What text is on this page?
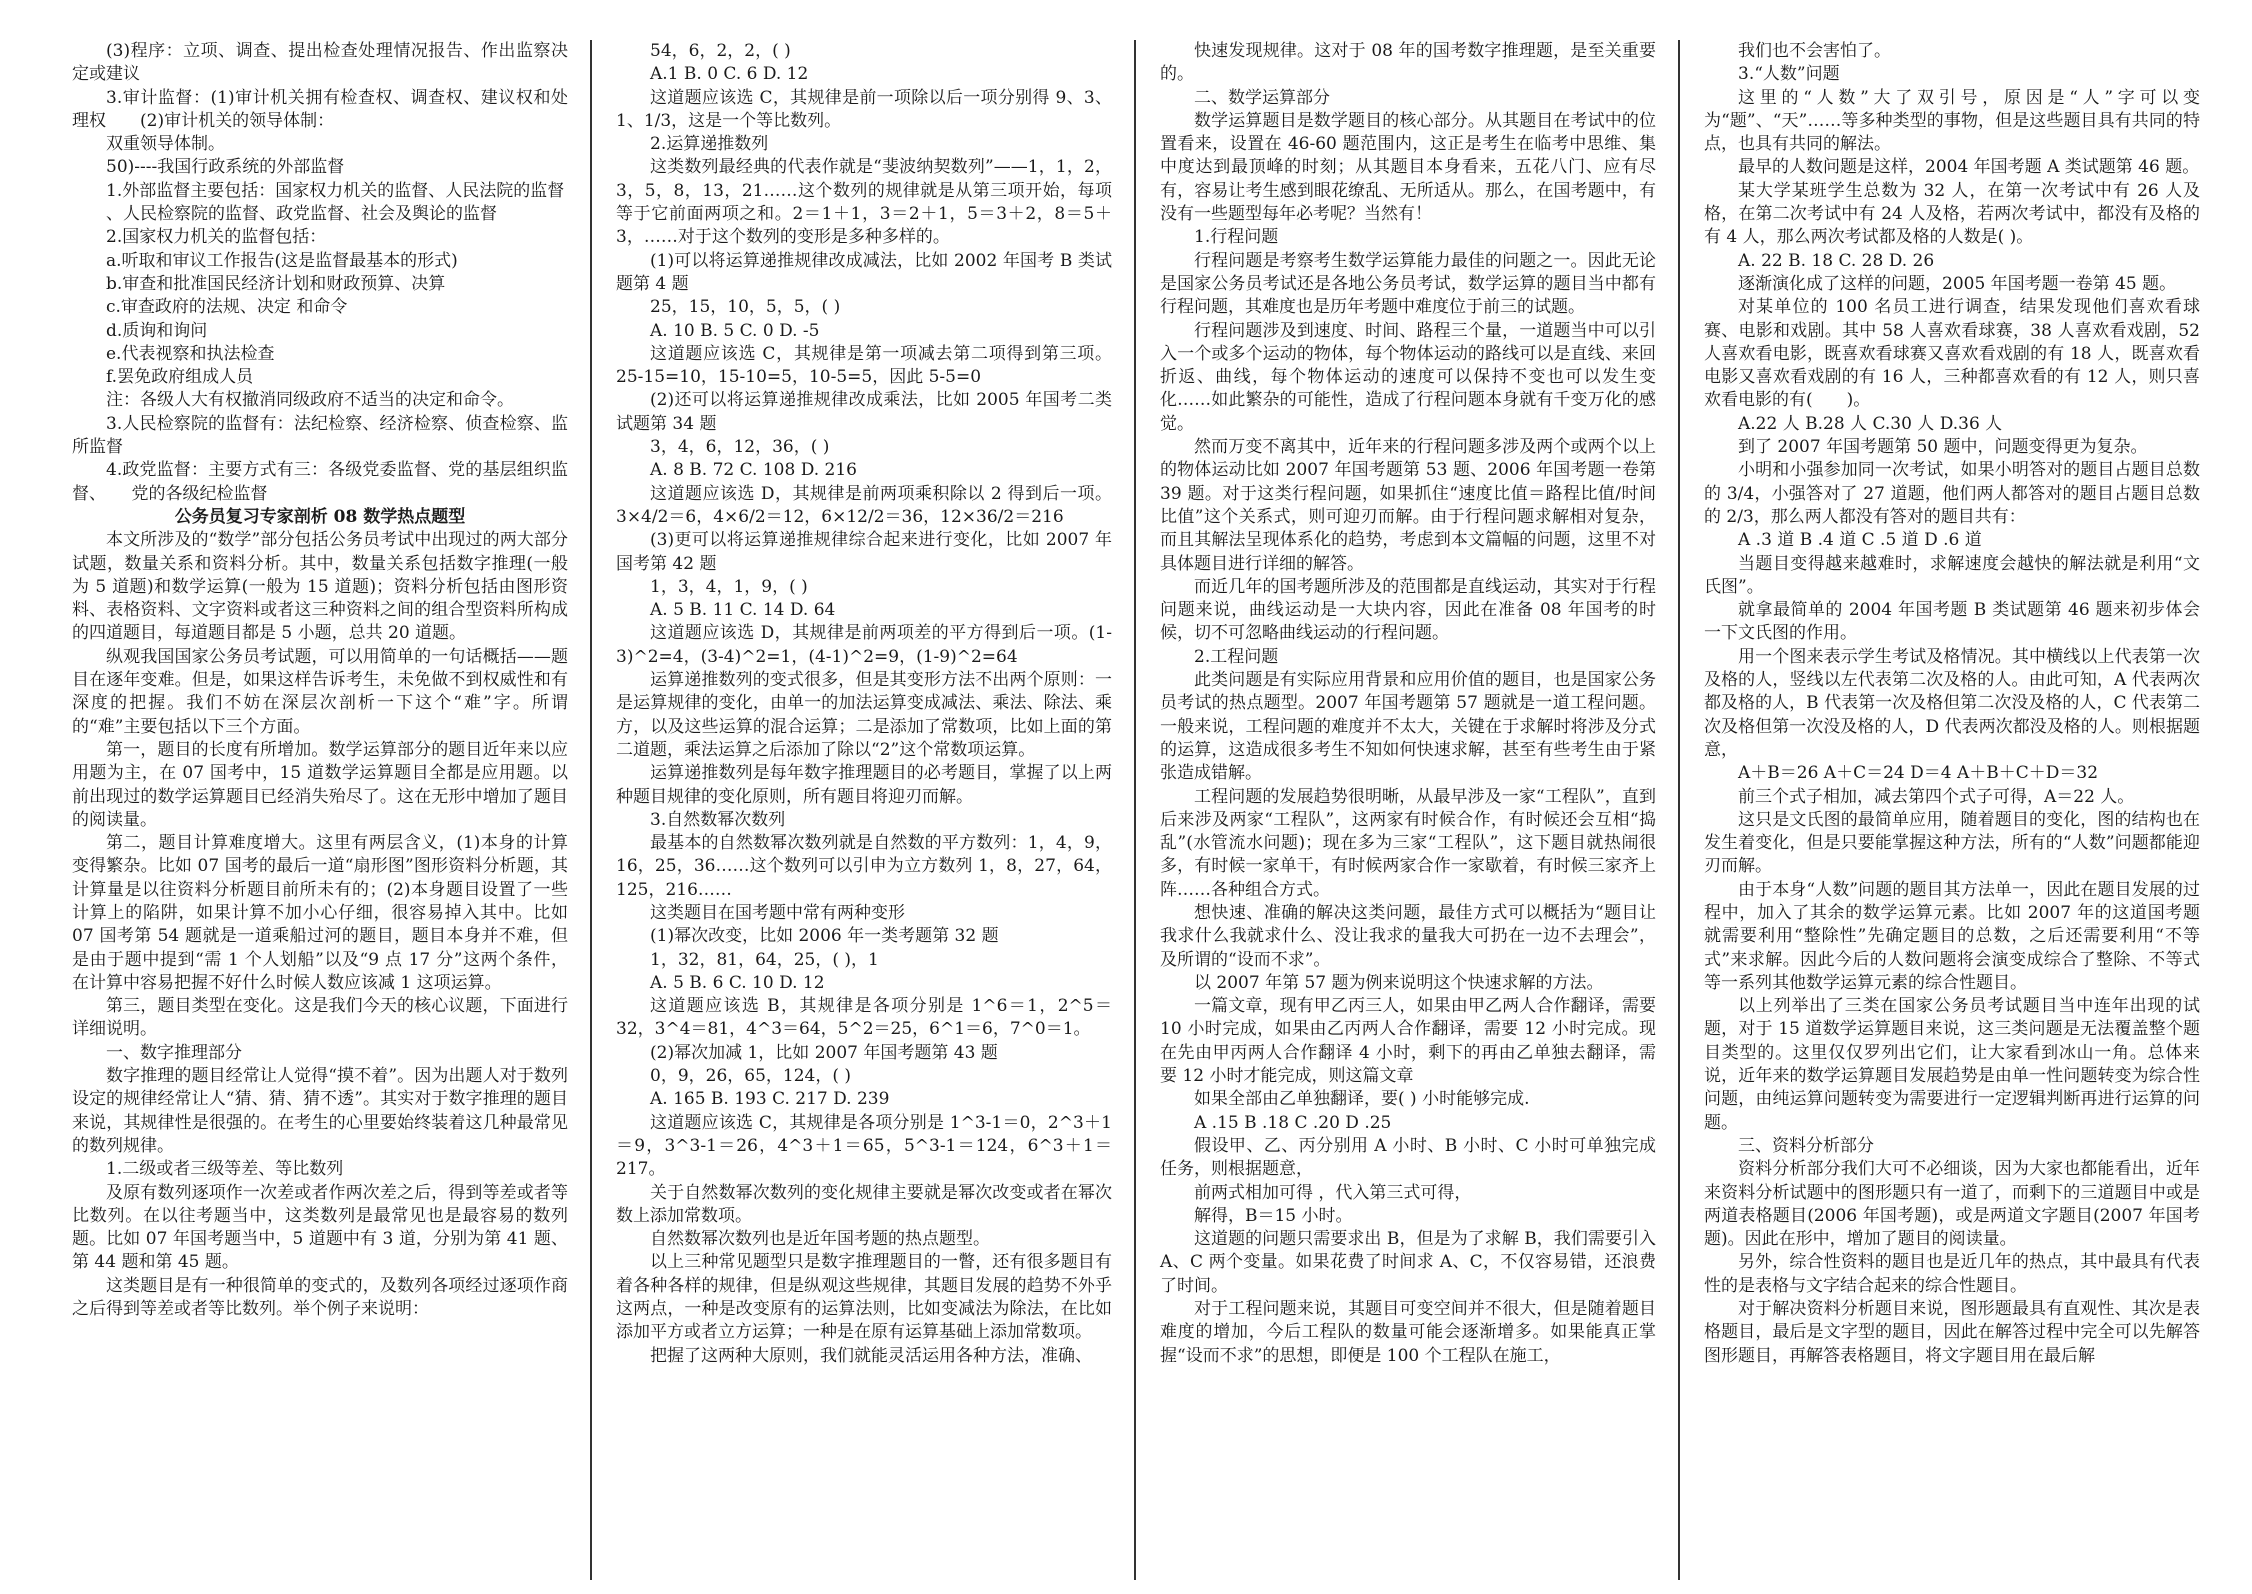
(3)程序：立项、调查、提出检查处理情况报告、作出监察决定或建议

3.审计监督：(1)审计机关拥有检查权、调查权、建议权和处理权　　(2)审计机关的领导体制：

双重领导体制。

50)----我国行政系统的外部监督

1.外部监督主要包括：国家权力机关的监督、人民法院的监督

、人民检察院的监督、政党监督、社会及舆论的监督

2.国家权力机关的监督包括：

a.听取和审议工作报告(这是监督最基本的形式)

b.审查和批准国民经济计划和财政预算、决算

c.审查政府的法规、决定 和命令

d.质询和询问

e.代表视察和执法检查

f.罢免政府组成人员

注：各级人大有权撤消同级政府不适当的决定和命令。

3.人民检察院的监督有：法纪检察、经济检察、侦查检察、监所监督

4.政党监督：主要方式有三：各级党委监督、党的基层组织监督、　　党的各级纪检监督

公务员复习专家剖析 08 数学热点题型

本文所涉及的“数学”部分包括公务员考试中出现过的两大部分试题，数量关系和资料分析。其中，数量关系包括数字推理(一般为 5 道题)和数学运算(一般为 15 道题)；资料分析包括由图形资料、表格资料、文字资料或者这三种资料之间的组合型资料所构成的四道题目，每道题目都是 5 小题，总共 20 道题。

纵观我国国家公务员考试题，可以用简单的一句话概括——题目在逐年变难。但是，如果这样告诉考生，未免做不到权威性和有深度的把握。我们不妨在深层次剖析一下这个“难”字。所谓的“难”主要包括以下三个方面。

第一，题目的长度有所增加。数学运算部分的题目近年来以应用题为主，在 07 国考中，15 道数学运算题目全都是应用题。以前出现过的数学运算题目已经消失殆尽了。这在无形中增加了题目的阅读量。

第二，题目计算难度增大。这里有两层含义，(1)本身的计算变得繁杂。比如 07 国考的最后一道“扇形图”图形资料分析题，其计算量是以往资料分析题目前所未有的；(2)本身题目设置了一些计算上的陷阱，如果计算不加小心仔细，很容易掉入其中。比如 07 国考第 54 题就是一道乘船过河的题目，题目本身并不难，但是由于题中提到“需 1 个人划船”以及“9 点 17 分”这两个条件，在计算中容易把握不好什么时候人数应该减 1 这项运算。

第三，题目类型在变化。这是我们今天的核心议题，下面进行详细说明。

一、数字推理部分

数字推理的题目经常让人觉得“摸不着”。因为出题人对于数列设定的规律经常让人“猜、猜、猜不透”。其实对于数字推理的题目来说，其规律性是很强的。在考生的心里要始终装着这几种最常见的数列规律。

1.二级或者三级等差、等比数列

及原有数列逐项作一次差或者作两次差之后，得到等差或者等比数列。在以往考题当中，这类数列是最常见也是最容易的数列题。比如 07 年国考题当中，5 道题中有 3 道，分别为第 41 题、第 44 题和第 45 题。

这类题目是有一种很简单的变式的，及数列各项经过逐项作商之后得到等差或者等比数列。举个例子来说明：

54，6，2，2，( )

A.1 B. 0 C. 6 D. 12

这道题应该选 C，其规律是前一项除以后一项分别得 9、3、1、1/3，这是一个等比数列。

2.运算递推数列

这类数列最经典的代表作就是“斐波纳契数列”——1，1，2，3，5，8，13，21……这个数列的规律就是从第三项开始，每项等于它前面两项之和。2＝1＋1，3＝2＋1，5＝3＋2，8＝5＋3，……对于这个数列的变形是多种多样的。

(1)可以将运算递推规律改成减法，比如 2002 年国考 B 类试题第 4 题

25，15，10，5，5，( )

A. 10 B. 5 C. 0 D. -5

这道题应该选 C，其规律是第一项减去第二项得到第三项。25-15=10，15-10=5，10-5=5，因此 5-5=0

(2)还可以将运算递推规律改成乘法，比如 2005 年国考二类试题第 34 题

3，4，6，12，36，( )

A. 8 B. 72 C. 108 D. 216

这道题应该选 D，其规律是前两项乘积除以 2 得到后一项。3×4/2＝6，4×6/2＝12，6×12/2＝36，12×36/2＝216

(3)更可以将运算递推规律综合起来进行变化，比如 2007 年国考第 42 题

1，3，4，1，9，( )

A. 5 B. 11 C. 14 D. 64

这道题应该选 D，其规律是前两项差的平方得到后一项。(1-3)^2=4，(3-4)^2=1，(4-1)^2=9，(1-9)^2=64

运算递推数列的变式很多，但是其变形方法不出两个原则：一是运算规律的变化，由单一的加法运算变成减法、乘法、除法、乘方，以及这些运算的混合运算；二是添加了常数项，比如上面的第二道题，乘法运算之后添加了除以“2”这个常数项运算。

运算递推数列是每年数字推理题目的必考题目，掌握了以上两种题目规律的变化原则，所有题目将迎刃而解。

3.自然数幂次数列

最基本的自然数幂次数列就是自然数的平方数列：1，4，9，16，25，36……这个数列可以引申为立方数列 1，8，27，64，125，216……

这类题目在国考题中常有两种变形

(1)幂次改变，比如 2006 年一类考题第 32 题

1，32，81，64，25，( )，1

A. 5 B. 6 C. 10 D. 12

这道题应该选 B，其规律是各项分别是 1^6＝1，2^5＝32，3^4＝81，4^3＝64，5^2＝25，6^1＝6，7^0＝1。

(2)幂次加减 1，比如 2007 年国考题第 43 题

0，9，26，65，124，( )

A. 165 B. 193 C. 217 D. 239

这道题应该选 C，其规律是各项分别是 1^3-1＝0，2^3＋1＝9，3^3-1＝26，4^3＋1＝65，5^3-1＝124，6^3＋1＝217。

关于自然数幂次数列的变化规律主要就是幂次改变或者在幂次数上添加常数项。

自然数幂次数列也是近年国考题的热点题型。

以上三种常见题型只是数字推理题目的一瞥，还有很多题目有着各种各样的规律，但是纵观这些规律，其题目发展的趋势不外乎这两点，一种是改变原有的运算法则，比如变减法为除法，在比如添加平方或者立方运算；一种是在原有运算基础上添加常数项。

把握了这两种大原则，我们就能灵活运用各种方法，准确、

快速发现规律。这对于 08 年的国考数字推理题，是至关重要的。

二、数学运算部分

数学运算题目是数学题目的核心部分。从其题目在考试中的位置看来，设置在 46-60 题范围内，这正是考生在临考中思维、集中度达到最顶峰的时刻；从其题目本身看来，五花八门、应有尽有，容易让考生感到眼花缭乱、无所适从。那么，在国考题中，有没有一些题型每年必考呢？当然有！

1.行程问题

行程问题是考察考生数学运算能力最佳的问题之一。因此无论是国家公务员考试还是各地公务员考试，数学运算的题目当中都有行程问题，其难度也是历年考题中难度位于前三的试题。

行程问题涉及到速度、时间、路程三个量，一道题当中可以引入一个或多个运动的物体，每个物体运动的路线可以是直线、来回折返、曲线，每个物体运动的速度可以保持不变也可以发生变化……如此繁杂的可能性，造成了行程问题本身就有千变万化的感觉。

然而万变不离其中，近年来的行程问题多涉及两个或两个以上的物体运动比如 2007 年国考题第 53 题、2006 年国考题一卷第 39 题。对于这类行程问题，如果抓住“速度比值＝路程比值/时间比值”这个关系式，则可迎刃而解。由于行程问题求解相对复杂，而且其解法呈现体系化的趋势，考虑到本文篇幅的问题，这里不对具体题目进行详细的解答。

而近几年的国考题所涉及的范围都是直线运动，其实对于行程问题来说，曲线运动是一大块内容，因此在准备 08 年国考的时候，切不可忽略曲线运动的行程问题。

2.工程问题

此类问题是有实际应用背景和应用价值的题目，也是国家公务员考试的热点题型。2007 年国考题第 57 题就是一道工程问题。一般来说，工程问题的难度并不太大，关键在于求解时将涉及分式的运算，这造成很多考生不知如何快速求解，甚至有些考生由于紧张造成错解。

工程问题的发展趋势很明晰，从最早涉及一家“工程队”，直到后来涉及两家“工程队”，这两家有时候合作，有时候还会互相“捣乱”(水管流水问题)；现在多为三家“工程队”，这下题目就热闹很多，有时候一家单干，有时候两家合作一家歇着，有时候三家齐上阵……各种组合方式。

想快速、准确的解决这类问题，最佳方式可以概括为“题目让我求什么我就求什么、没让我求的量我大可扔在一边不去理会”，及所谓的“设而不求”。

以 2007 年第 57 题为例来说明这个快速求解的方法。

一篇文章，现有甲乙丙三人，如果由甲乙两人合作翻译，需要 10 小时完成，如果由乙丙两人合作翻译，需要 12 小时完成。现在先由甲丙两人合作翻译 4 小时，剩下的再由乙单独去翻译，需要 12 小时才能完成，则这篇文章

如果全部由乙单独翻译，要( ) 小时能够完成.

A .15 B .18 C .20 D .25

假设甲、乙、丙分别用 A 小时、B 小时、C 小时可单独完成任务，则根据题意，

前两式相加可得 ，代入第三式可得，

解得，B＝15 小时。

这道题的问题只需要求出 B，但是为了求解 B，我们需要引入 A、C 两个变量。如果花费了时间求 A、C，不仅容易错，还浪费了时间。

对于工程问题来说，其题目可变空间并不很大，但是随着题目难度的增加，今后工程队的数量可能会逐渐增多。如果能真正掌握“设而不求”的思想，即便是 100 个工程队在施工，

我们也不会害怕了。

3.“人数”问题

这里的“人数”大了双引号，原因是“人”字可以变为“题”、“天”……等多种类型的事物，但是这些题目具有共同的特点，也具有共同的解法。

最早的人数问题是这样，2004 年国考题 A 类试题第 46 题。

某大学某班学生总数为 32 人，在第一次考试中有 26 人及格，在第二次考试中有 24 人及格，若两次考试中，都没有及格的有 4 人，那么两次考试都及格的人数是( )。

A. 22 B. 18 C. 28 D. 26

逐渐演化成了这样的问题，2005 年国考题一卷第 45 题。

对某单位的 100 名员工进行调查，结果发现他们喜欢看球赛、电影和戏剧。其中 58 人喜欢看球赛，38 人喜欢看戏剧，52 人喜欢看电影，既喜欢看球赛又喜欢看戏剧的有 18 人，既喜欢看电影又喜欢看戏剧的有 16 人，三种都喜欢看的有 12 人，则只喜欢看电影的有(　　)。

A.22 人 B.28 人 C.30 人 D.36 人

到了 2007 年国考题第 50 题中，问题变得更为复杂。

小明和小强参加同一次考试，如果小明答对的题目占题目总数的 3/4，小强答对了 27 道题，他们两人都答对的题目占题目总数的 2/3，那么两人都没有答对的题目共有：

A .3 道 B .4 道 C .5 道 D .6 道

当题目变得越来越难时，求解速度会越快的解法就是利用“文氏图”。

就拿最简单的 2004 年国考题 B 类试题第 46 题来初步体会一下文氏图的作用。

用一个图来表示学生考试及格情况。其中横线以上代表第一次及格的人，竖线以左代表第二次及格的人。由此可知，A 代表两次都及格的人，B 代表第一次及格但第二次没及格的人，C 代表第二次及格但第一次没及格的人，D 代表两次都没及格的人。则根据题意，

A＋B＝26 A＋C＝24 D＝4 A＋B＋C＋D＝32

前三个式子相加，减去第四个式子可得，A＝22 人。

这只是文氏图的最简单应用，随着题目的变化，图的结构也在发生着变化，但是只要能掌握这种方法，所有的“人数”问题都能迎刃而解。

由于本身“人数”问题的题目其方法单一，因此在题目发展的过程中，加入了其余的数学运算元素。比如 2007 年的这道国考题就需要利用“整除性”先确定题目的总数，之后还需要利用“不等式”来求解。因此今后的人数问题将会演变成综合了整除、不等式等一系列其他数学运算元素的综合性题目。

以上列举出了三类在国家公务员考试题目当中连年出现的试题，对于 15 道数学运算题目来说，这三类问题是无法覆盖整个题目类型的。这里仅仅罗列出它们，让大家看到冰山一角。总体来说，近年来的数学运算题目发展趋势是由单一性问题转变为综合性问题，由纯运算问题转变为需要进行一定逻辑判断再进行运算的问题。

三、资料分析部分

资料分析部分我们大可不必细谈，因为大家也都能看出，近年来资料分析试题中的图形题只有一道了，而剩下的三道题目中或是两道表格题目(2006 年国考题)，或是两道文字题目(2007 年国考题)。因此在形中，增加了题目的阅读量。

另外，综合性资料的题目也是近几年的热点，其中最具有代表性的是表格与文字结合起来的综合性题目。

对于解决资料分析题目来说，图形题最具有直观性、其次是表格题目，最后是文字型的题目，因此在解答过程中完全可以先解答图形题目，再解答表格题目，将文字题目用在最后解
